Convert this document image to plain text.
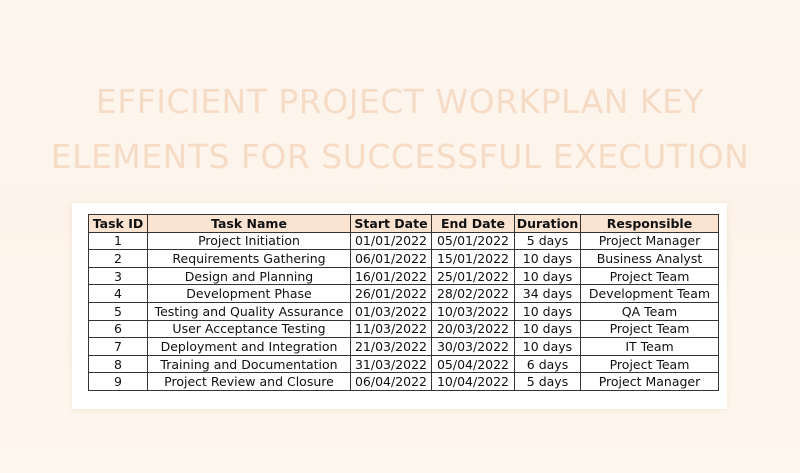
EFFICIENT PROJECT WORKPLAN KEY
ELEMENTS FOR SUCCESSFUL EXECUTION
Task ID	Task Name	Start Date	End Date	Duration	Responsible
1	Project Initiation	01/01/2022	05/01/2022	5 days	Project Manager
2	Requirements Gathering	06/01/2022	15/01/2022	10 days	Business Analyst
3	Design and Planning	16/01/2022	25/01/2022	10 days	Project Team
4	Development Phase	26/01/2022	28/02/2022	34 days	Development Team
5	Testing and Quality Assurance	01/03/2022	10/03/2022	10 days	QA Team
6	User Acceptance Testing	11/03/2022	20/03/2022	10 days	Project Team
7	Deployment and Integration	21/03/2022	30/03/2022	10 days	IT Team
8	Training and Documentation	31/03/2022	05/04/2022	6 days	Project Team
9	Project Review and Closure	06/04/2022	10/04/2022	5 days	Project Manager
